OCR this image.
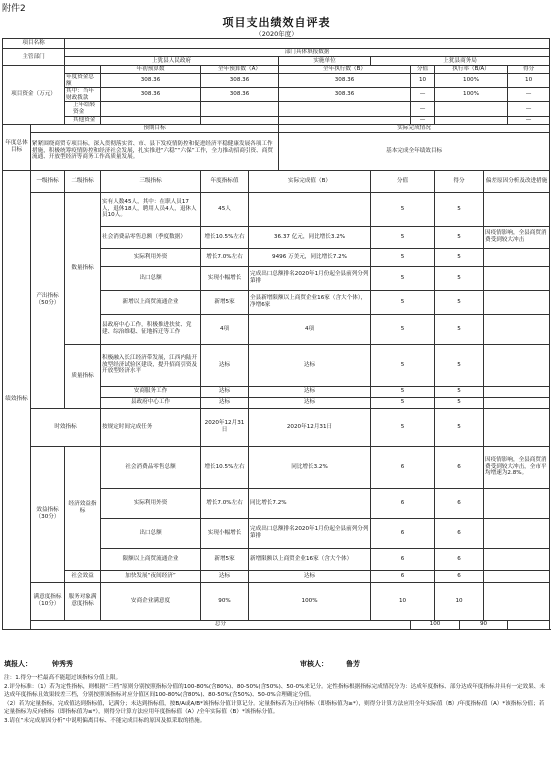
附件2
项目支出绩效自评表
（2020年度）
项目名称												
主管部门		部门具体填报数据										
		上犹县人民政府				实施单位	上犹县商务局					
项目资金（万元）			年初预算数	全年预算数（A）		全年执行数（B）		分值	执行率（B/A）			得分
		年度资金总额	308.36	308.36		308.36		10	100%			10
		其中：当年财政拨款	308.36	308.36		308.36		—	100%			—
		上年结转资金						—				—
		其他资金						—				—
年度总体目标	预期目标					实际完成情况						
	紧紧围绕商贸专项目标，深入贯彻落实省、市、县下发疫情防控和促进经济平稳健康发展各项工作措施，积极统筹疫情防控和经济社会发展，扎实推进“六稳”“六保”工作，全力推动招商引资、商贸流通、开放型经济等商务工作高质量发展。					基本完成全年绩效目标						
绩效指标	一级指标	二级指标	三级指标	年度指标值	实际完成值（B）		分值		得分		偏差原因分析及改进措施	
	产出指标（50分）	数量指标	实有人数45人，其中：在职人员17人，退休18人，聘用人员4人，退休人员10人。	45人			5		5			
			社会消费品零售总额（季度数据）	增长10.5%左右	36.37 亿元，同比增长3.2%		5		5		因疫情影响，全县商贸消费受到较大冲击	
			实际利用外资	增长7.0%左右	9496 万美元，同比增长7.2%		5		5			
			出口总额	实现小幅增长	完成出口总额排名2020年1月份起全县前列分列第排		5		5			
			新增以上商贸流通企业	新增5家	全县新增限额以上商贸企业16家（含大个体），净增6家		5		5			
			县政府中心工作，积极推进扶贫、党建、综治维稳、征地拆迁等工作	4项	4项		5		5			
		质量指标	积极融入长江经济带发展，江西内陆开放型经济试验区建设，提升招商引资及开放型经济水平	达标	达标		5		5			
			安商服务工作	达标	达标		5		5			
			县政府中心工作	达标	达标		5		5			
	时效指标		按规定时间完成任务	2020年12月31日	2020年12月31日		5		5			
	效益指标（30分）	经济效益指标	社会消费品零售总额	增长10.5%左右	同比增长3.2%		6		6		因疫情影响，全县商贸消费受到较大冲击，全市平均增速为2.8%。	
			实际利用外资	增长7.0%左右	同比增长7.2%		6		6			
			出口总额	实现小幅增长	完成出口总额排名2020年1月份起全县前列分列第排		6		6			
			限额以上商贸流通企业	新增5家	新增限额以上商贸企业16家（含大个体）		6		6			
		社会效益	加快发展“夜间经济”	达标	达标		6		6			
	满意度指标（10分）	服务对象满意度指标	安商企业满意度	90%	100%		10		10			
	总分							100		90		
填报人：	钟秀秀	审核人：	鲁芳

注：1.得分一栏最高不能超过该指标分值上限。

2.评分标准：（1）若为定性指标，则根据“三档”原则分别按照指标分值的100-80%(含80%)、80-50%(含50%)、50-0%来记分。定性指标根据指标完成情况分为：达成年度指标、部分达成年度指标并具有一定效果、未达成年度指标且效果较差三档，分别按照该指标对应分值区间100-80%(含80%)、80-50%(含50%)、50-0%合理确定分值。

（2）若为定量指标，完成值达到指标值，记满分；未达到指标值，按B/A或A/B*该指标分值计算记分。定量指标若为正向指标（即指标值为≥*），则得分计算方法应用全年实际值（B）/年度指标值（A）*该指标分值；若定量指标为反向指标（即指标值为≤*），则得分计算方法应用年度指标值（A）/全年实际值（B）*该指标分值。

3.请在“未完成原因分析”中说明偏离目标、不能完成目标的原因及拟采取的措施。
